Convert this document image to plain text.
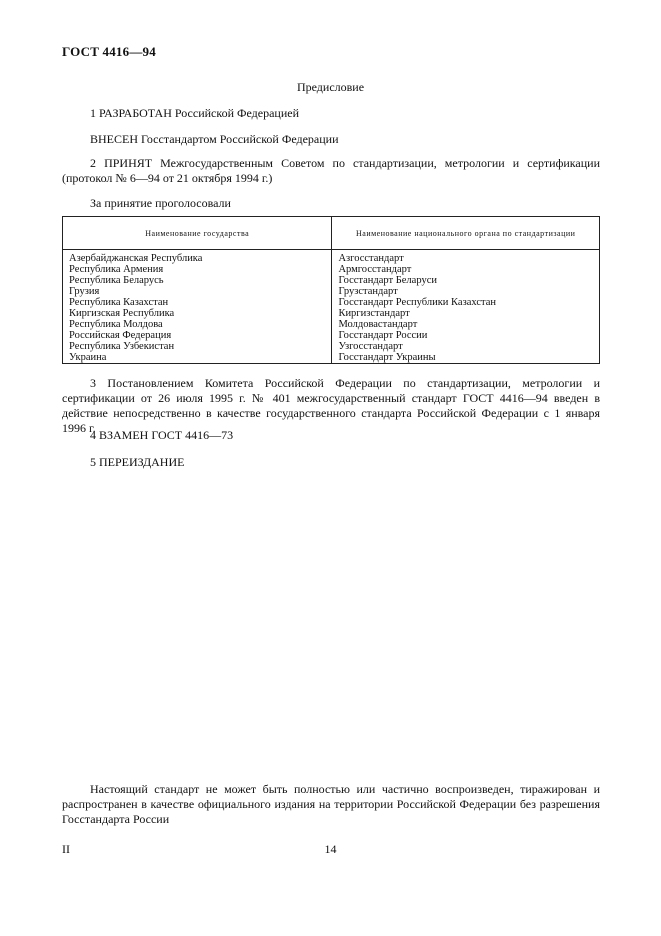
ГОСТ 4416—94
Предисловие
1 РАЗРАБОТАН Российской Федерацией
ВНЕСЕН Госстандартом Российской Федерации
2 ПРИНЯТ Межгосударственным Советом по стандартизации, метрологии и сертификации (протокол № 6—94 от 21 октября 1994 г.)
За принятие проголосовали
Наименование государства	Наименование национального органа по стандартизации
Азербайджанская Республика	Азгосстандарт
Республика Армения	Армгосстандарт
Республика Беларусь	Госстандарт Беларуси
Грузия	Грузстандарт
Республика Казахстан	Госстандарт Республики Казахстан
Киргизская Республика	Киргизстандарт
Республика Молдова	Молдовастандарт
Российская Федерация	Госстандарт России
Республика Узбекистан	Узгосстандарт
Украина	Госстандарт Украины
3 Постановлением Комитета Российской Федерации по стандартизации, метрологии и сертификации от 26 июля 1995 г. № 401 межгосударственный стандарт ГОСТ 4416—94 введен в действие непосредственно в качестве государственного стандарта Российской Федерации с 1 января 1996 г.
4 ВЗАМЕН ГОСТ 4416—73
5 ПЕРЕИЗДАНИЕ
Настоящий стандарт не может быть полностью или частично воспроизведен, тиражирован и распространен в качестве официального издания на территории Российской Федерации без разрешения Госстандарта России
II	14
